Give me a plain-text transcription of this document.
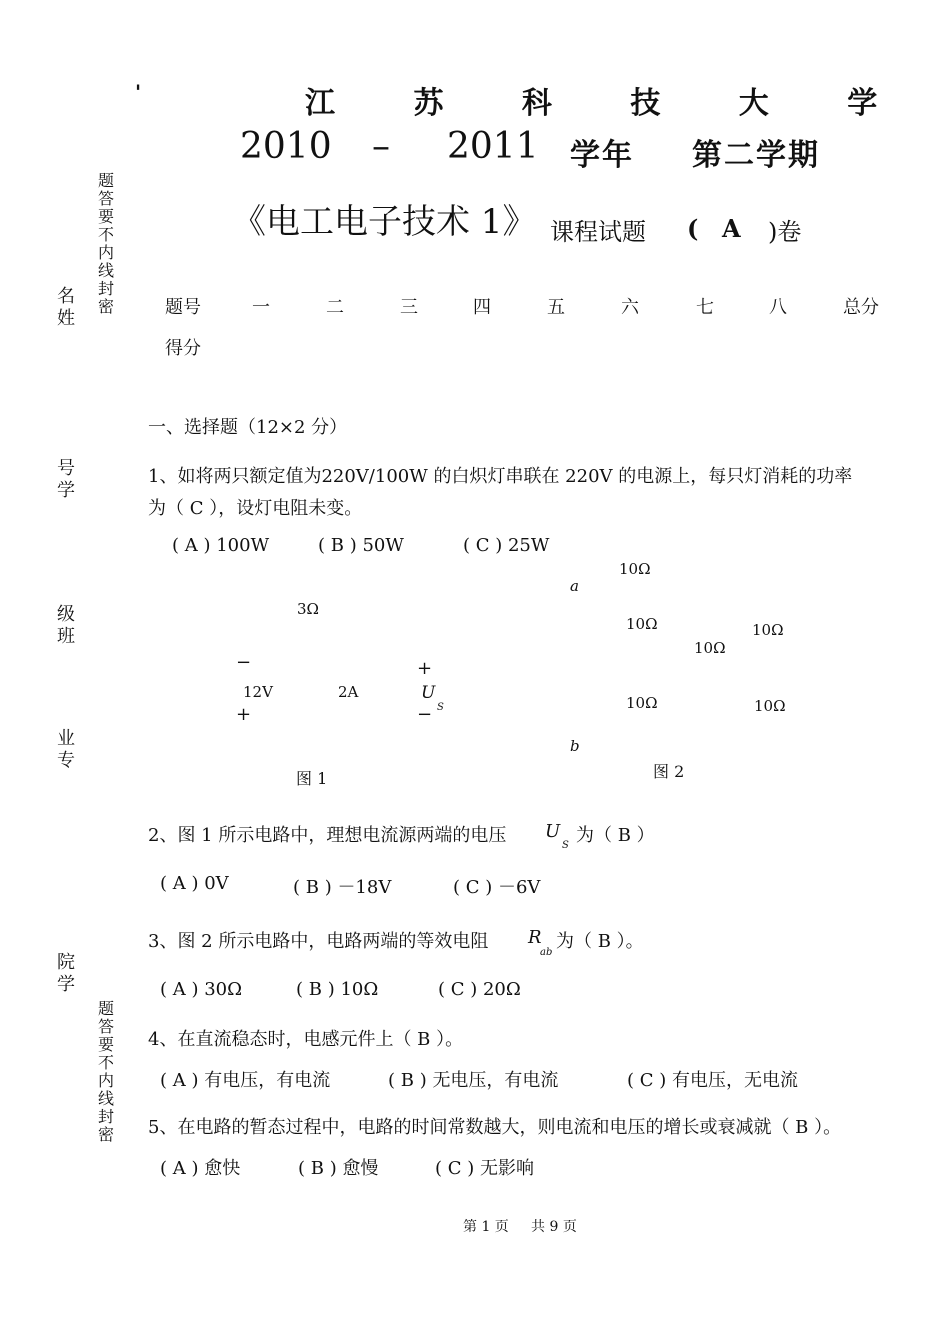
'	江 苏 科 技 大 学
2010 – 2011 学年 第二学期
《电工电子技术 1》 课程试题 ( A )卷
题答要不内线封密
名姓
号学
级班
业专
院学
题答要不内线封密
题号	一	二	三	四	五	六	七	八	总分
得分
一、选择题（12×2 分）
1、如将两只额定值为220V/100W 的白炽灯串联在 220V 的电源上，每只灯消耗的功率
为（ C ），设灯电阻未变。
( A ) 100W	( B ) 50W	( C ) 25W
3Ω
−
12V
+
2A
+
U
S
−
图 1
10Ω
a
10Ω	10Ω
10Ω
10Ω	10Ω
b
图 2
2、图 1 所示电路中，理想电流源两端的电压 U
S 为（ B ）
( A ) 0V	( B ) －18V	( C ) －6V
3、图 2 所示电路中，电路两端的等效电阻 R
ab
为（ B ）。
( A ) 30Ω	( B ) 10Ω	( C ) 20Ω
4、在直流稳态时，电感元件上（ B ）。
( A ) 有电压，有电流	( B ) 无电压，有电流	( C ) 有电压，无电流
5、在电路的暂态过程中，电路的时间常数越大，则电流和电压的增长或衰减就（ B ）。
( A ) 愈快	( B ) 愈慢	( C ) 无影响
第 1 页     共 9 页
